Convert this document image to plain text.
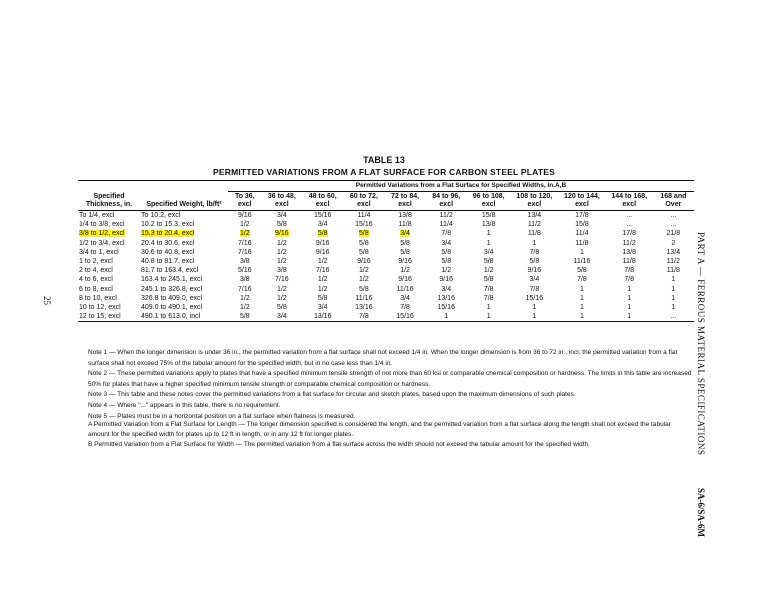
25	PART A — FERROUS MATERIAL SPECIFICATIONS
SA-6/SA-6M
TABLE 13
PERMITTED VARIATIONS FROM A FLAT SURFACE FOR CARBON STEEL PLATES
Specified Thickness, in.	Specified Weight, lb/ft²	Permitted Variations from a Flat Surface for Specified Widths, in.A,B										
		To 36, excl	36 to 48, excl	48 to 60, excl	60 to 72, excl	72 to 84, excl	84 to 96, excl	96 to 108, excl	108 to 120, excl	120 to 144, excl	144 to 168, excl	168 and Over
To 1/4, excl	To 10.2, excl	9/16	3/4	15/16	11/4	13/8	11/2	15/8	13/4	17/8	...	...
1/4 to 3/8, excl	10.2 to 15.3, excl	1/2	5/8	3/4	15/16	11/8	11/4	13/8	11/2	15/8	...	...
3/8 to 1/2, excl	15.3 to 20.4, excl	1/2	9/16	5/8	5/8	3/4	7/8	1	11/8	11/4	17/8	21/8
1/2 to 3/4, excl	20.4 to 30.6, excl	7/16	1/2	9/16	5/8	5/8	3/4	1	1	11/8	11/2	2
3/4 to 1, excl	30.6 to 40.8, excl	7/16	1/2	9/16	5/8	5/8	5/8	3/4	7/8	1	13/8	13/4
1 to 2, excl	40.8 to 81.7, excl	3/8	1/2	1/2	9/16	9/16	5/8	5/8	5/8	11/16	11/8	11/2
2 to 4, excl	81.7 to 163.4, excl	5/16	3/8	7/16	1/2	1/2	1/2	1/2	9/16	5/8	7/8	11/8
4 to 6, excl	163.4 to 245.1, excl	3/8	7/16	1/2	1/2	9/16	9/16	5/8	3/4	7/8	7/8	1
6 to 8, excl	245.1 to 326.8, excl	7/16	1/2	1/2	5/8	11/16	3/4	7/8	7/8	1	1	1
8 to 10, excl	326.8 to 409.0, excl	1/2	1/2	5/8	11/16	3/4	13/16	7/8	15/16	1	1	1
10 to 12, excl	409.0 to 490.1, excl	1/2	5/8	3/4	13/16	7/8	15/16	1	1	1	1	1
12 to 15, excl	490.1 to 613.0, incl	5/8	3/4	13/16	7/8	15/16	1	1	1	1	1	...

Note 1 — When the longer dimension is under 36 in., the permitted variation from a flat surface shall not exceed 1/4 in. When the longer dimension is from 36 to 72 in., incl, the permitted variation from a flat surface shall not exceed 75% of the tabular amount for the specified width, but in no case less than 1/4 in.

Note 2 — These permitted variations apply to plates that have a specified minimum tensile strength of not more than 60 ksi or comparable chemical composition or hardness. The limits in this table are increased 50% for plates that have a higher specified minimum tensile strength or comparable chemical composition or hardness.

Note 3 — This table and these notes cover the permitted variations from a flat surface for circular and sketch plates, based upon the maximum dimensions of such plates.

Note 4 — Where "..." appears in this table, there is no requirement.

Note 5 — Plates must be in a horizontal position on a flat surface when flatness is measured.

A Permitted Variation from a Flat Surface for Length — The longer dimension specified is considered the length, and the permitted variation from a flat surface along the length shall not exceed the tabular amount for the specified width for plates up to 12 ft in length, or in any 12 ft for longer plates.

B Permitted Variation from a Flat Surface for Width — The permitted variation from a flat surface across the width should not exceed the tabular amount for the specified width.
